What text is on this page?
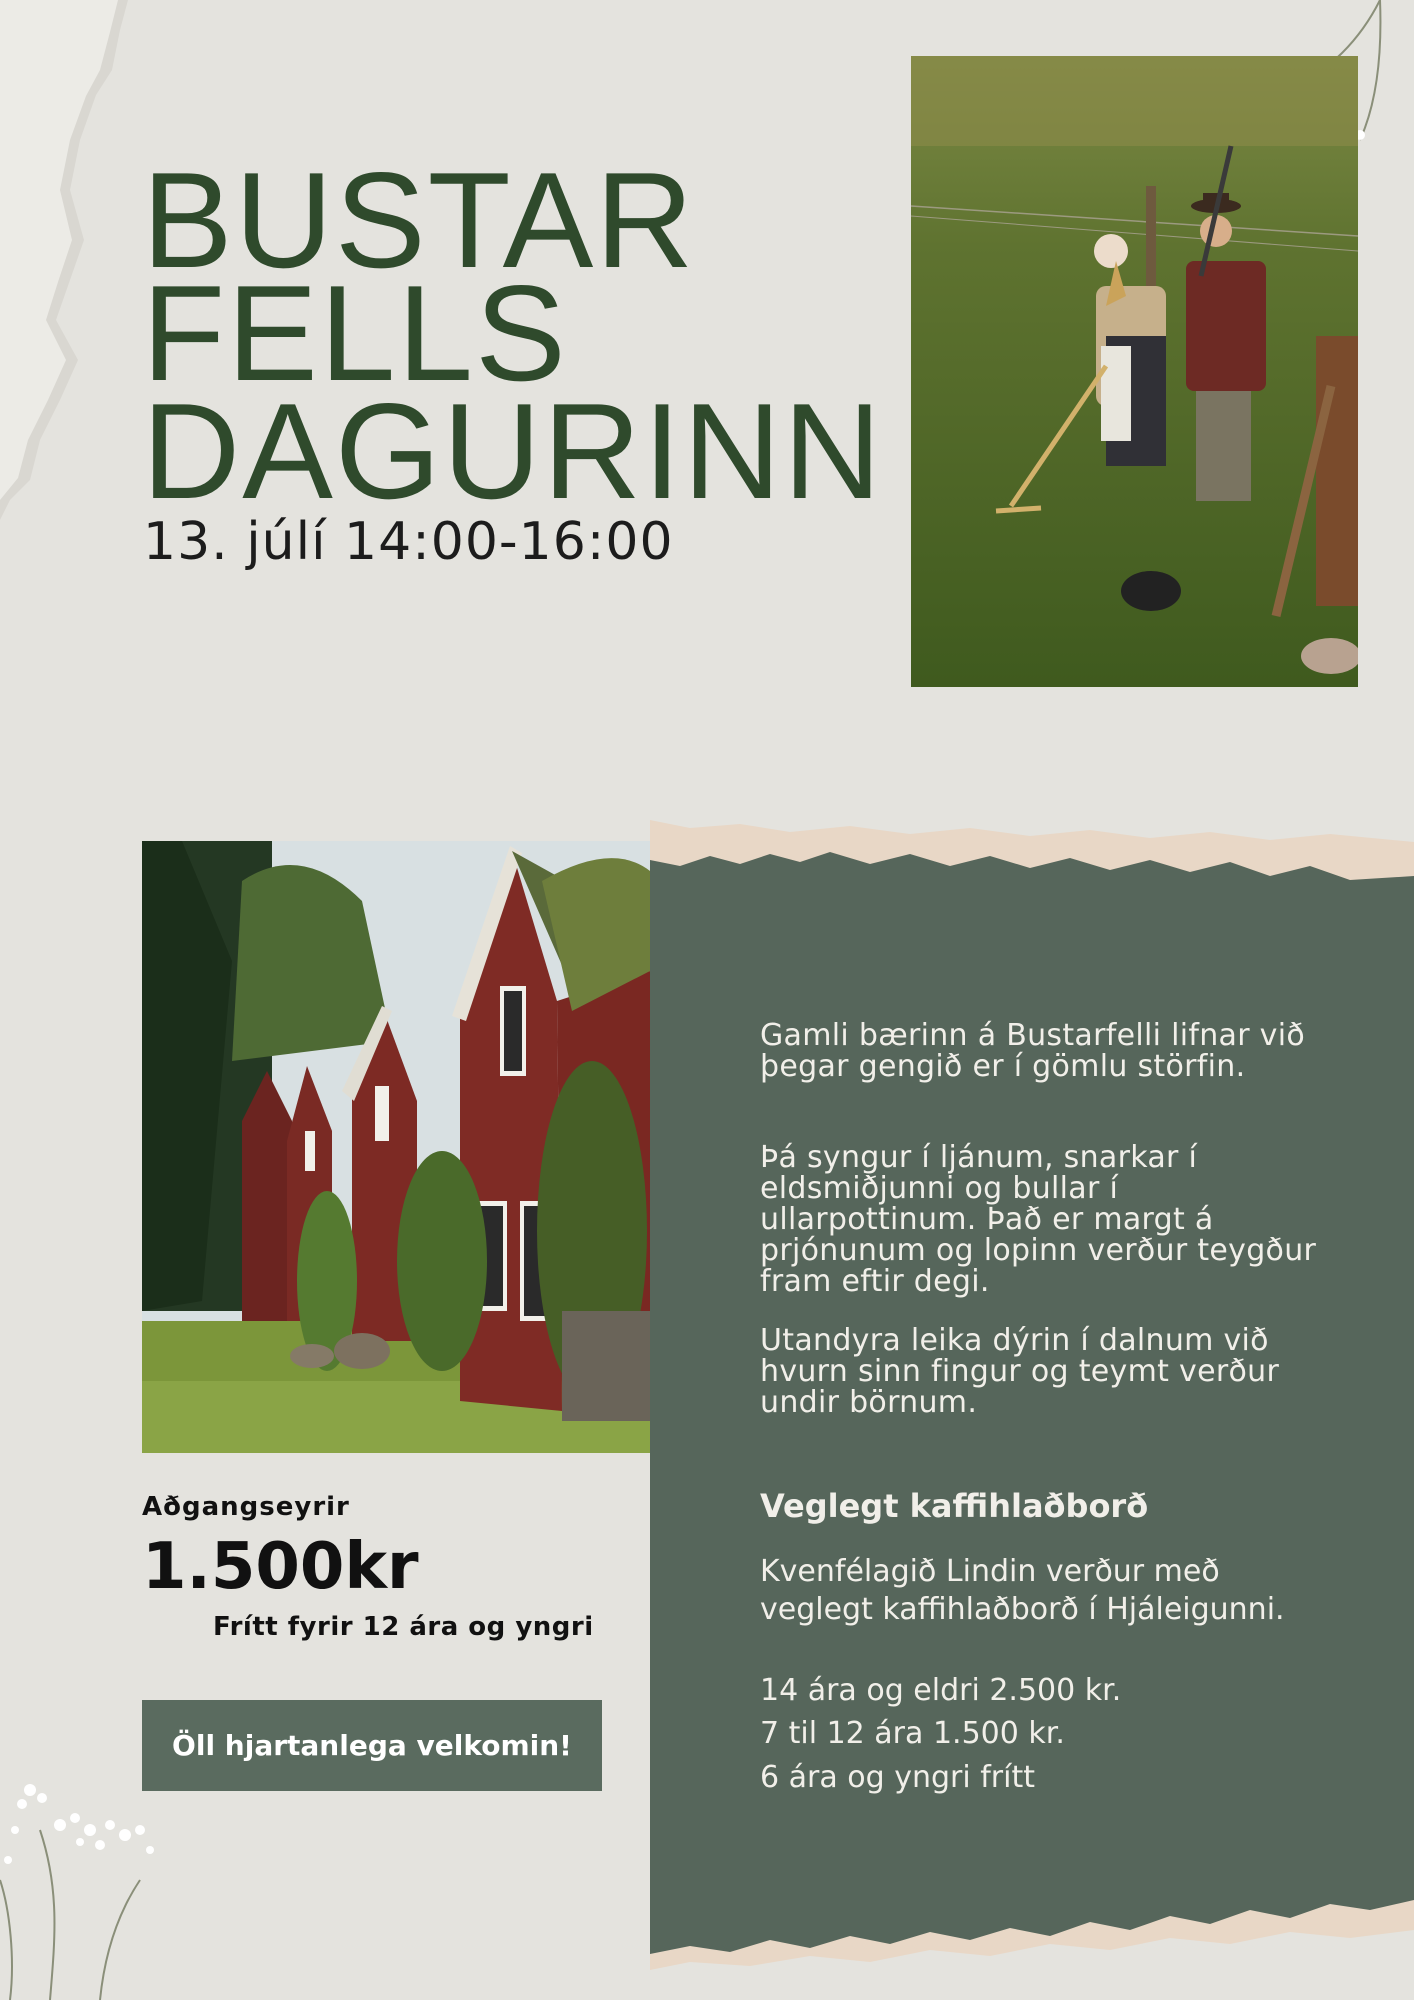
BUSTAR
FELLS
DAGURINN
13. júlí 14:00-16:00
Gamli bærinn á Bustarfelli lifnar við þegar gengið er í gömlu störfin.
Þá syngur í ljánum, snarkar í eldsmiðjunni og bullar í ullarpottinum. Það er margt á prjónunum og lopinn verður teygður fram eftir degi.
Utandyra leika dýrin í dalnum við hvurn sinn fingur og teymt verður undir börnum.
Veglegt kaffihlaðborð
Kvenfélagið Lindin verður með veglegt kaffihlaðborð í Hjáleigunni.
14 ára og eldri 2.500 kr.
7 til 12 ára 1.500 kr.
6 ára og yngri frítt
Aðgangseyrir
1.500kr
Frítt fyrir 12 ára og yngri
Öll hjartanlega velkomin!
